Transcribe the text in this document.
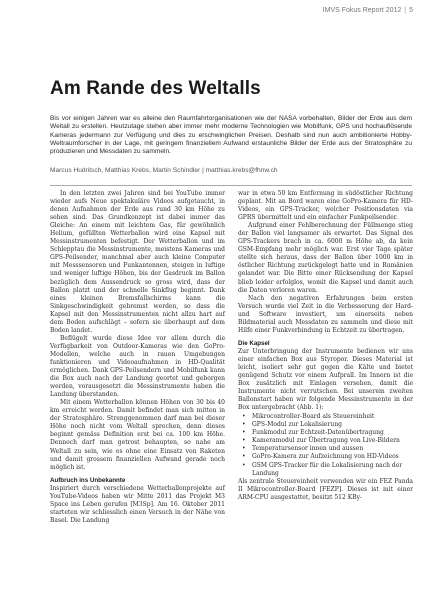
IMVS Fokus Report 2012 | 5
Am Rande des Weltalls

Bis vor einigen Jahren war es alleine den Raumfahrtorganisationen wie der NASA vorbehalten, Bilder der Erde aus dem Weltall zu erstellen. Heutzutage stehen aber immer mehr moderne Technologien wie Mobilfunk, GPS und hochauflösende Kameras jedermann zur Verfügung und dies zu erschwinglichen Preisen. Deshalb sind nun auch ambitionierte Hobby-Weltraumforscher in der Lage, mit geringem finanziellem Aufwand erstaunliche Bilder der Erde aus der Stratosphäre zu produzieren und Messdaten zu sammeln.

Marcus Hudritsch, Matthias Krebs, Martin Schindler | matthias.krebs@fhnw.ch

In den letzten zwei Jahren sind bei YouTube immer wieder aufs Neue spektakuläre Videos aufgetaucht, in denen Aufnahmen der Erde aus rund 30 km Höhe zu sehen sind. Das Grundkonzept ist dabei immer das Gleiche: An einem mit leichtem Gas, für gewöhnlich Helium, gefüllten Wetterballon wird eine Kapsel mit Messinstrumenten befestigt. Der Wetterballon und im Schlepptau die Messinstrumente, meistens Kameras und GPS-Peilsender, manchmal aber auch kleine Computer mit Messsensoren und Funkantennen, steigen in luftige und weniger luftige Höhen, bis der Gasdruck im Ballon bezüglich dem Aussendruck so gross wird, dass der Ballon platzt und der schnelle Sinkflug beginnt. Dank eines kleinen Bremsfallschirms kann die Sinkgeschwindigkeit gebremst werden, so dass die Kapsel mit den Messinstrumenten nicht allzu hart auf dem Boden aufschlägt – sofern sie überhaupt auf dem Boden landet.

Beflügelt wurde diese Idee vor allem durch die Verfügbarkeit von Outdoor-Kameras wie den GoPro-Modellen, welche auch in rauen Umgebungen funktionieren und Videoaufnahmen in HD-Qualität ermöglichen. Dank GPS-Peilsendern und Mobilfunk kann die Box auch nach der Landung geortet und geborgen werden, vorausgesetzt die Messinstrumente haben die Landung überstanden.

Mit einem Wetterballon können Höhen von 30 bis 40 km erreicht werden. Damit befindet man sich mitten in der Stratosphäre. Strenggenommen darf man bei dieser Höhe noch nicht vom Weltall sprechen, denn dieses beginnt gemäss Definition erst bei ca. 100 km Höhe. Dennoch darf man getrost behaupten, so nahe am Weltall zu sein, wie es ohne eine Einsatz von Raketen und damit grossem finanziellen Aufwand gerade noch möglich ist.

Aufbruch ins Unbekannte

Inspiriert durch verschiedene Wetterballonprojekte auf YouTube-Videos haben wir Mitte 2011 das Projekt M3 Space ins Leben gerufen [M3Sp]. Am 16. Oktober 2011 starteten wir schliesslich einen Versuch in der Nähe von Basel. Die Landung

war in etwa 50 km Entfernung in südöstlicher Richtung geplant. Mit an Bord waren eine GoPro-Kamera für HD-Videos, ein GPS-Tracker, welcher Positionsdaten via GPRS übermittelt und ein einfacher Funkpeilsender.

Aufgrund einer Fehlberechnung der Füllmenge stieg der Ballon viel langsamer als erwartet. Das Signal des GPS-Trackers brach in ca. 6000 m Höhe ab, da kein GSM-Empfang mehr möglich war. Erst vier Tage später stellte sich heraus, dass der Ballon über 1000 km in östlicher Richtung zurückgelegt hatte und in Rumänien gelandet war. Die Bitte einer Rücksendung der Kapsel blieb leider erfolglos, womit die Kapsel und damit auch die Daten verloren waren.

Nach den negativen Erfahrungen beim ersten Versuch wurde viel Zeit in die Verbesserung der Hard- und Software investiert, um einerseits neben Bildmaterial auch Messdaten zu sammeln und diese mit Hilfe einer Funkverbindung in Echtzeit zu übertragen.

Die Kapsel

Zur Unterbringung der Instrumente bedienen wir uns einer einfachen Box aus Styropor. Dieses Material ist leicht, isoliert sehr gut gegen die Kälte und bietet genügend Schutz vor einem Aufprall. Im Innern ist die Box zusätzlich mit Einlagen versehen, damit die Instrumente nicht verrutschen. Bei unserem zweiten Ballonstart haben wir folgende Messinstrumente in der Box untergebracht (Abb. 1):

• Mikrocontroller-Board als Steuereinheit
• GPS-Modul zur Lokalisierung
• Funkmodul zur Echtzeit-Datenübertragung
• Kameramodul zur Übertragung von Live-Bildern
• Temperatursensor innen und aussen
• GoPro-Kamera zur Aufzeichnung von HD-Videos
• GSM GPS-Tracker für die Lokalisierung nach der Landung

Als zentrale Steuereinheit verwenden wir ein FEZ Panda II Mikrocontroller-Board [FEZP]. Dieses ist mit einer ARM-CPU ausgestattet, besitzt 512 KBy-
